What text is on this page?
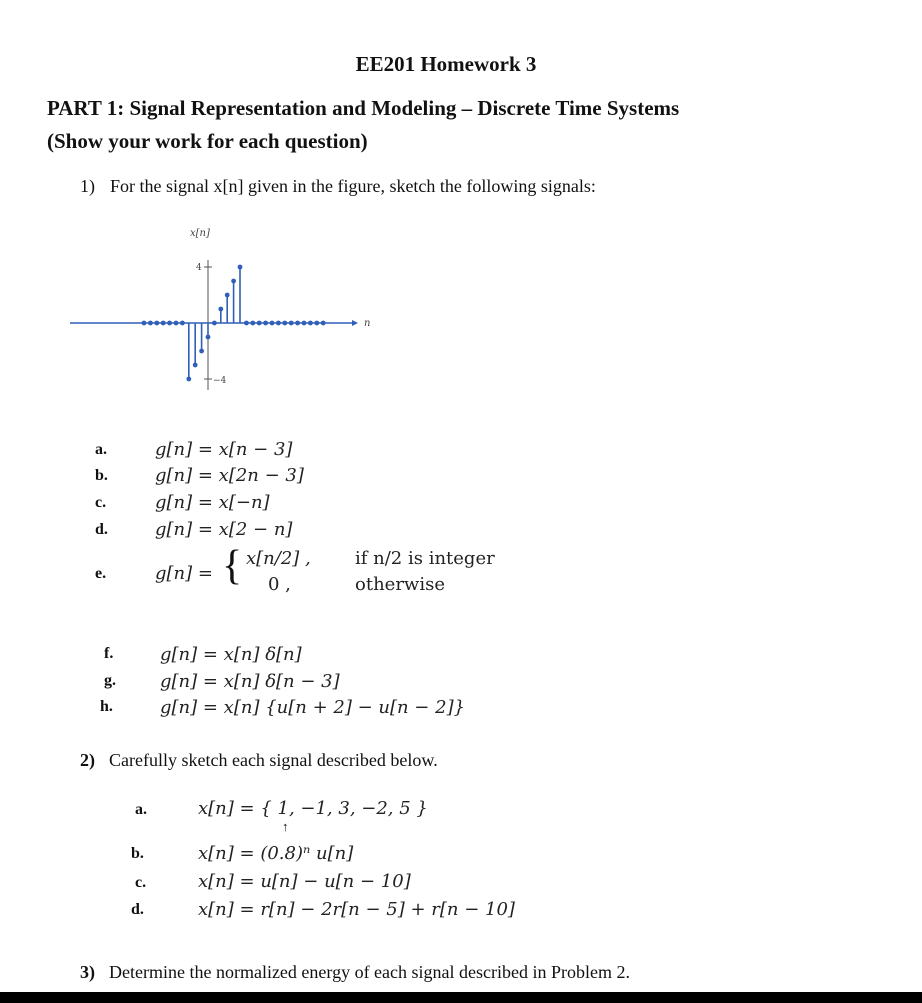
EE201 Homework 3
PART 1: Signal Representation and Modeling – Discrete Time Systems
(Show your work for each question)
1) For the signal x[n] given in the figure, sketch the following signals:
4
−4
x[n]
n
a.	g[n] = x[n − 3]
b.	g[n] = x[2n − 3]
c.	g[n] = x[−n]
d.	g[n] = x[2 − n]
e.	g[n] = { x[n/2] , if n/2 is integer
0 ,	otherwise
f.	g[n] = x[n] δ[n]
g. g[n] = x[n] δ[n − 3]
h.	g[n] = x[n] {u[n + 2] − u[n − 2]}
2) Carefully sketch each signal described below.
a.	x[n] = { 1, −1, 3, −2, 5 }
↑
b.	x[n] = (0.8)ⁿ u[n]
c.	x[n] = u[n] − u[n − 10]
d.	x[n] = r[n] − 2r[n − 5] + r[n − 10]
3) Determine the normalized energy of each signal described in Problem 2.
